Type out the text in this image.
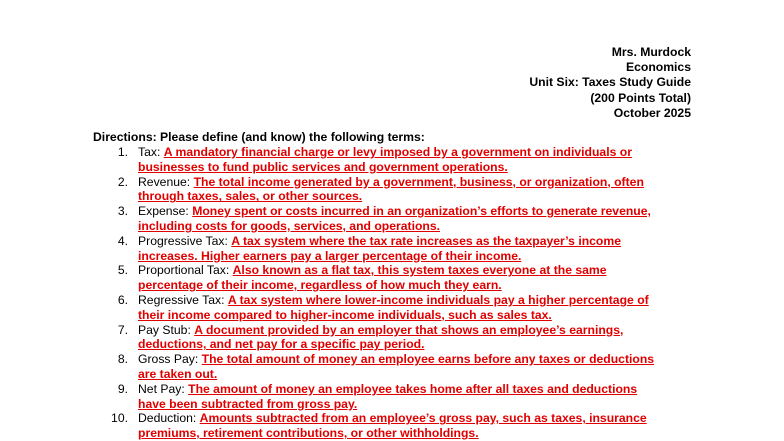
Mrs. Murdock
Economics
Unit Six: Taxes Study Guide
(200 Points Total)
October 2025
Directions: Please define (and know) the following terms:
1. Tax: A mandatory financial charge or levy imposed by a government on individuals or
businesses to fund public services and government operations.
2. Revenue: The total income generated by a government, business, or organization, often
through taxes, sales, or other sources.
3. Expense: Money spent or costs incurred in an organization’s efforts to generate revenue,
including costs for goods, services, and operations.
4. Progressive Tax: A tax system where the tax rate increases as the taxpayer’s income
increases. Higher earners pay a larger percentage of their income.
5. Proportional Tax: Also known as a flat tax, this system taxes everyone at the same
percentage of their income, regardless of how much they earn.
6. Regressive Tax: A tax system where lower-income individuals pay a higher percentage of
their income compared to higher-income individuals, such as sales tax.
7. Pay Stub: A document provided by an employer that shows an employee’s earnings,
deductions, and net pay for a specific pay period.
8. Gross Pay: The total amount of money an employee earns before any taxes or deductions
are taken out.
9. Net Pay: The amount of money an employee takes home after all taxes and deductions
have been subtracted from gross pay.
10. Deduction: Amounts subtracted from an employee’s gross pay, such as taxes, insurance
premiums, retirement contributions, or other withholdings.
